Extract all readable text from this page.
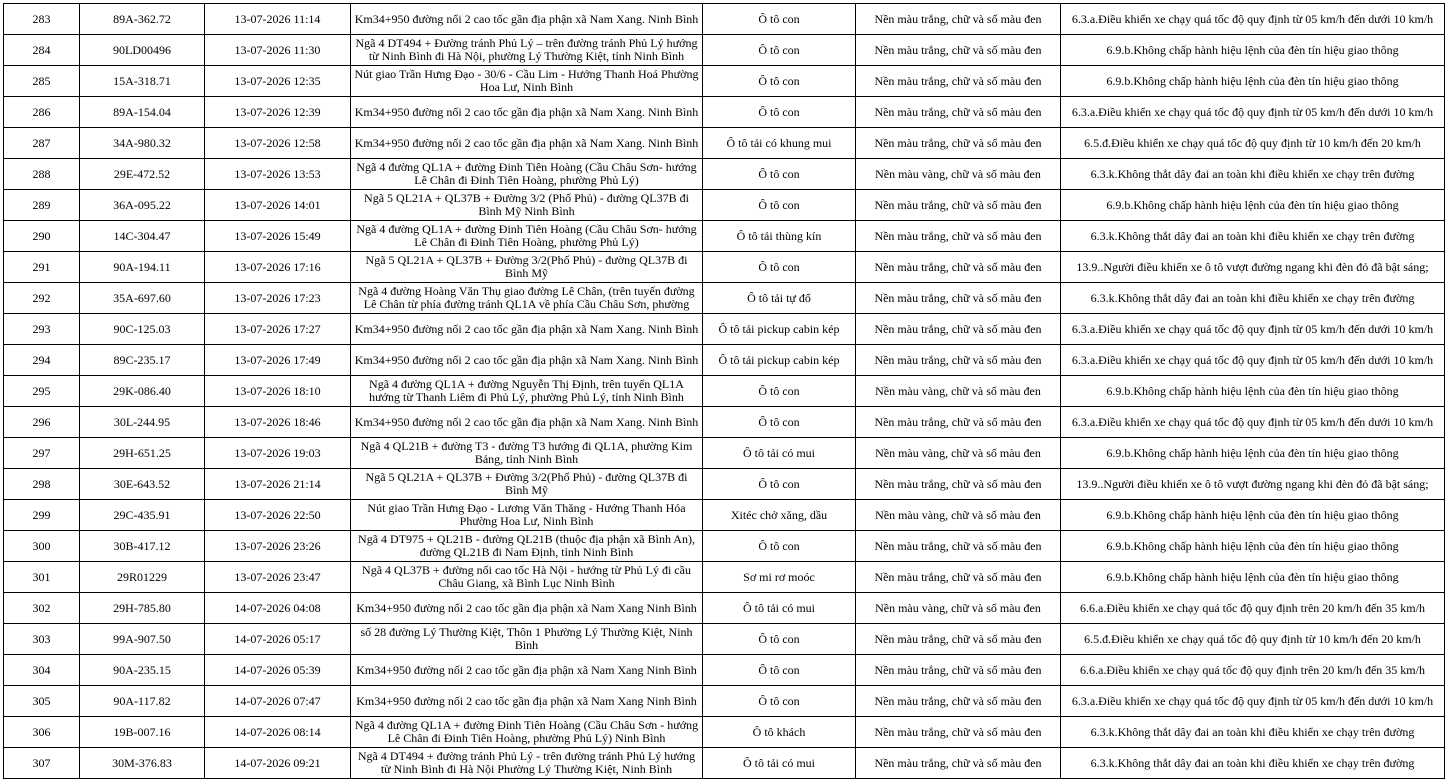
283	89A-362.72	13-07-2026 11:14	Km34+950 đường nối 2 cao tốc gần địa phận xã Nam Xang. Ninh Bình	Ô tô con	Nền màu trắng, chữ và số màu đen	6.3.a.Điều khiển xe chạy quá tốc độ quy định từ 05 km/h đến dưới 10 km/h

284	90LD00496	13-07-2026 11:30	Ngã 4 DT494 + Đường tránh Phủ Lý – trên đường tránh Phủ Lý hướng từ Ninh Bình đi Hà Nội, phường Lý Thường Kiệt, tỉnh Ninh Bình	Ô tô con	Nền màu trắng, chữ và số màu đen	6.9.b.Không chấp hành hiệu lệnh của đèn tín hiệu giao thông

285	15A-318.71	13-07-2026 12:35	Nút giao Trần Hưng Đạo - 30/6 - Cầu Lim - Hướng Thanh Hoá Phường Hoa Lư, Ninh Bình	Ô tô con	Nền màu trắng, chữ và số màu đen	6.9.b.Không chấp hành hiệu lệnh của đèn tín hiệu giao thông

286	89A-154.04	13-07-2026 12:39	Km34+950 đường nối 2 cao tốc gần địa phận xã Nam Xang. Ninh Bình	Ô tô con	Nền màu trắng, chữ và số màu đen	6.3.a.Điều khiển xe chạy quá tốc độ quy định từ 05 km/h đến dưới 10 km/h

287	34A-980.32	13-07-2026 12:58	Km34+950 đường nối 2 cao tốc gần địa phận xã Nam Xang. Ninh Bình	Ô tô tải có khung mui	Nền màu trắng, chữ và số màu đen	6.5.đ.Điều khiển xe chạy quá tốc độ quy định từ 10 km/h đến 20 km/h

288	29E-472.52	13-07-2026 13:53	Ngã 4 đường QL1A + đường Đinh Tiên Hoàng (Cầu Châu Sơn- hướng Lê Chân đi Đinh Tiên Hoàng, phường Phủ Lý)	Ô tô con	Nền màu vàng, chữ và số màu đen	6.3.k.Không thắt dây đai an toàn khi điều khiển xe chạy trên đường

289	36A-095.22	13-07-2026 14:01	Ngã 5 QL21A + QL37B + Đường 3/2 (Phố Phủ) - đường QL37B đi Bình Mỹ Ninh Bình	Ô tô con	Nền màu trắng, chữ và số màu đen	6.9.b.Không chấp hành hiệu lệnh của đèn tín hiệu giao thông

290	14C-304.47	13-07-2026 15:49	Ngã 4 đường QL1A + đường Đinh Tiên Hoàng (Cầu Châu Sơn- hướng Lê Chân đi Đinh Tiên Hoàng, phường Phủ Lý)	Ô tô tải thùng kín	Nền màu trắng, chữ và số màu đen	6.3.k.Không thắt dây đai an toàn khi điều khiển xe chạy trên đường

291	90A-194.11	13-07-2026 17:16	Ngã 5 QL21A + QL37B + Đường 3/2(Phố Phủ) - đường QL37B đi Bình Mỹ	Ô tô con	Nền màu trắng, chữ và số màu đen	13.9..Người điều khiển xe ô tô vượt đường ngang khi đèn đỏ đã bật sáng;

292	35A-697.60	13-07-2026 17:23	Ngã 4 đường Hoàng Văn Thụ giao đường Lê Chân, (trên tuyến đường Lê Chân từ phía đường tránh QL1A về phía Cầu Châu Sơn, phường	Ô tô tải tự đổ	Nền màu trắng, chữ và số màu đen	6.3.k.Không thắt dây đai an toàn khi điều khiển xe chạy trên đường

293	90C-125.03	13-07-2026 17:27	Km34+950 đường nối 2 cao tốc gần địa phận xã Nam Xang. Ninh Bình	Ô tô tải pickup cabin kép	Nền màu trắng, chữ và số màu đen	6.3.a.Điều khiển xe chạy quá tốc độ quy định từ 05 km/h đến dưới 10 km/h

294	89C-235.17	13-07-2026 17:49	Km34+950 đường nối 2 cao tốc gần địa phận xã Nam Xang. Ninh Bình	Ô tô tải pickup cabin kép	Nền màu trắng, chữ và số màu đen	6.3.a.Điều khiển xe chạy quá tốc độ quy định từ 05 km/h đến dưới 10 km/h

295	29K-086.40	13-07-2026 18:10	Ngã 4 đường QL1A + đường Nguyễn Thị Định, trên tuyến QL1A hướng từ Thanh Liêm đi Phủ Lý, phường Phủ Lý, tỉnh Ninh Bình	Ô tô con	Nền màu vàng, chữ và số màu đen	6.9.b.Không chấp hành hiệu lệnh của đèn tín hiệu giao thông

296	30L-244.95	13-07-2026 18:46	Km34+950 đường nối 2 cao tốc gần địa phận xã Nam Xang. Ninh Bình	Ô tô con	Nền màu trắng, chữ và số màu đen	6.3.a.Điều khiển xe chạy quá tốc độ quy định từ 05 km/h đến dưới 10 km/h

297	29H-651.25	13-07-2026 19:03	Ngã 4 QL21B + đường T3 - đường T3 hướng đi QL1A, phường Kim Bảng, tỉnh Ninh Bình	Ô tô tải có mui	Nền màu vàng, chữ và số màu đen	6.9.b.Không chấp hành hiệu lệnh của đèn tín hiệu giao thông

298	30E-643.52	13-07-2026 21:14	Ngã 5 QL21A + QL37B + Đường 3/2(Phố Phủ) - đường QL37B đi Bình Mỹ	Ô tô con	Nền màu trắng, chữ và số màu đen	13.9..Người điều khiển xe ô tô vượt đường ngang khi đèn đỏ đã bật sáng;

299	29C-435.91	13-07-2026 22:50	Nút giao Trần Hưng Đạo - Lương Văn Thăng - Hướng Thanh Hóa Phường Hoa Lư, Ninh Bình	Xitéc chở xăng, dầu	Nền màu vàng, chữ và số màu đen	6.9.b.Không chấp hành hiệu lệnh của đèn tín hiệu giao thông

300	30B-417.12	13-07-2026 23:26	Ngã 4 DT975 + QL21B - đường QL21B (thuộc địa phận xã Bình An), đường QL21B đi Nam Định, tỉnh Ninh Bình	Ô tô con	Nền màu trắng, chữ và số màu đen	6.9.b.Không chấp hành hiệu lệnh của đèn tín hiệu giao thông

301	29R01229	13-07-2026 23:47	Ngã 4 QL37B + đường nối cao tốc Hà Nội - hướng từ Phủ Lý đi cầu Châu Giang, xã Bình Lục Ninh Bình	Sơ mi rơ moóc	Nền màu trắng, chữ và số màu đen	6.9.b.Không chấp hành hiệu lệnh của đèn tín hiệu giao thông

302	29H-785.80	14-07-2026 04:08	Km34+950 đường nối 2 cao tốc gần địa phận xã Nam Xang Ninh Bình	Ô tô tải có mui	Nền màu vàng, chữ và số màu đen	6.6.a.Điều khiển xe chạy quá tốc độ quy định trên 20 km/h đến 35 km/h

303	99A-907.50	14-07-2026 05:17	số 28 đường Lý Thường Kiệt, Thôn 1 Phường Lý Thường Kiệt, Ninh Bình	Ô tô con	Nền màu trắng, chữ và số màu đen	6.5.đ.Điều khiển xe chạy quá tốc độ quy định từ 10 km/h đến 20 km/h

304	90A-235.15	14-07-2026 05:39	Km34+950 đường nối 2 cao tốc gần địa phận xã Nam Xang Ninh Bình	Ô tô con	Nền màu trắng, chữ và số màu đen	6.6.a.Điều khiển xe chạy quá tốc độ quy định trên 20 km/h đến 35 km/h

305	90A-117.82	14-07-2026 07:47	Km34+950 đường nối 2 cao tốc gần địa phận xã Nam Xang Ninh Bình	Ô tô con	Nền màu trắng, chữ và số màu đen	6.3.a.Điều khiển xe chạy quá tốc độ quy định từ 05 km/h đến dưới 10 km/h

306	19B-007.16	14-07-2026 08:14	Ngã 4 đường QL1A + đường Đinh Tiên Hoàng (Cầu Châu Sơn - hướng Lê Chân đi Đinh Tiên Hoàng, phường Phủ Lý) Ninh Bình	Ô tô khách	Nền màu trắng, chữ và số màu đen	6.3.k.Không thắt dây đai an toàn khi điều khiển xe chạy trên đường

307	30M-376.83	14-07-2026 09:21	Ngã 4 DT494 + đường tránh Phủ Lý - trên đường tránh Phủ Lý hướng từ Ninh Bình đi Hà Nội Phường Lý Thường Kiệt, Ninh Bình	Ô tô tải có mui	Nền màu trắng, chữ và số màu đen	6.3.k.Không thắt dây đai an toàn khi điều khiển xe chạy trên đường
